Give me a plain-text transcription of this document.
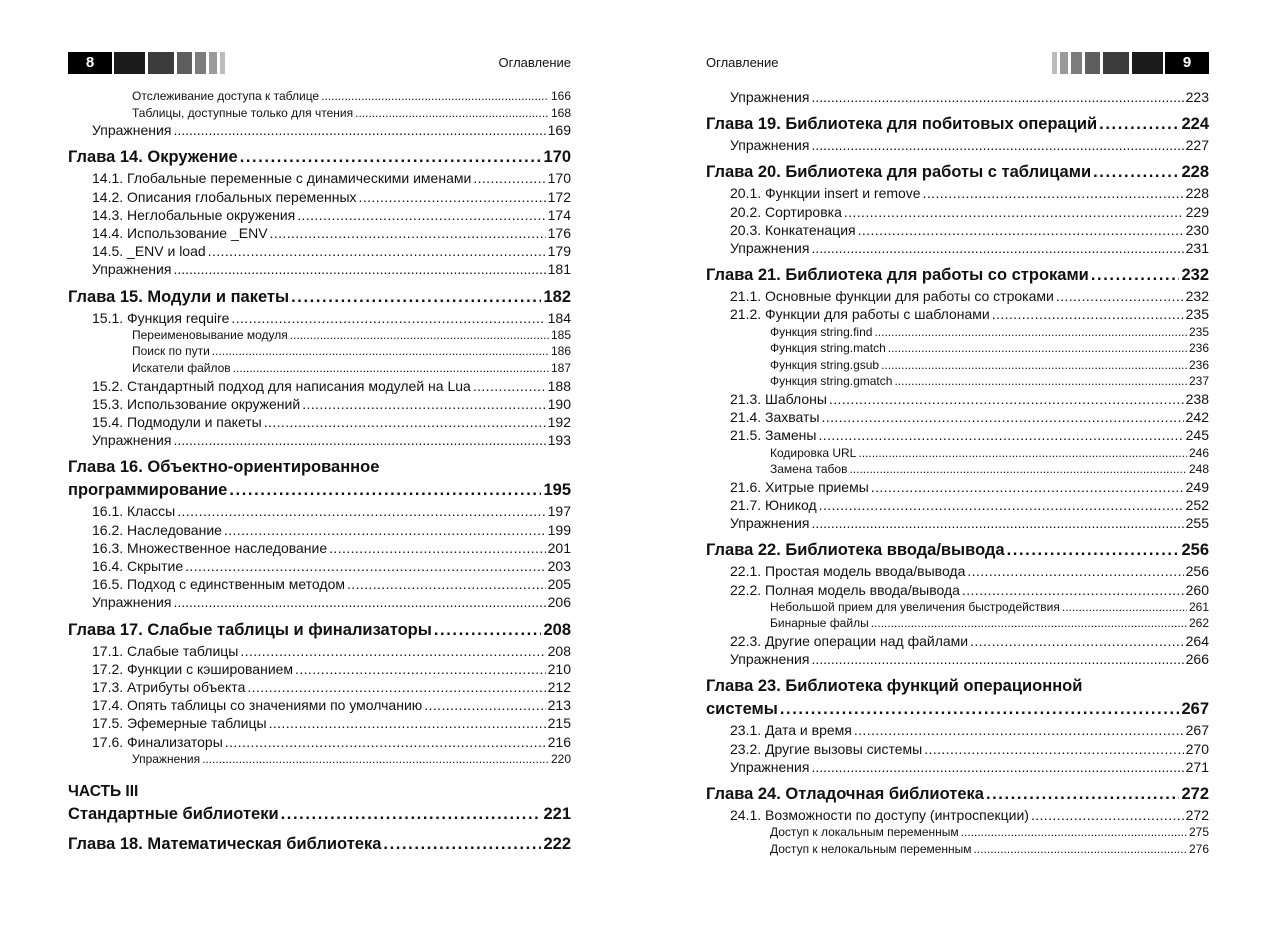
8	Оглавление
Отслеживание доступа к таблице .....	166
Таблицы, доступные только для чтения .....	168
Упражнения .....	169
Глава 14. Окружение .....	170
14.1. Глобальные переменные с динамическими именами .....	170
14.2. Описания глобальных переменных .....	172
14.3. Неглобальные окружения .....	174
14.4. Использование _ENV .....	176
14.5. _ENV и load .....	179
Упражнения .....	181
Глава 15. Модули и пакеты .....	182
15.1. Функция require .....	184
Переименовывание модуля .....	185
Поиск по пути .....	186
Искатели файлов .....	187
15.2. Стандартный подход для написания модулей на Lua .....	188
15.3. Использование окружений .....	190
15.4. Подмодули и пакеты .....	192
Упражнения .....	193
Глава 16. Объектно-ориентированное
программирование .....	195
16.1. Классы .....	197
16.2. Наследование .....	199
16.3. Множественное наследование .....	201
16.4. Скрытие .....	203
16.5. Подход с единственным методом .....	205
Упражнения .....	206
Глава 17. Слабые таблицы и финализаторы .....	208
17.1. Слабые таблицы .....	208
17.2. Функции с кэшированием .....	210
17.3. Атрибуты объекта .....	212
17.4. Опять таблицы со значениями по умолчанию .....	213
17.5. Эфемерные таблицы .....	215
17.6. Финализаторы .....	216
Упражнения .....	220
ЧАСТЬ III
Стандартные библиотеки .....	221
Глава 18. Математическая библиотека .....	222
9
Оглавление
Упражнения .....	223
Глава 19. Библиотека для побитовых операций .....	224
Упражнения .....	227
Глава 20. Библиотека для работы с таблицами .....	228
20.1. Функции insert и remove .....	228
20.2. Сортировка .....	229
20.3. Конкатенация .....	230
Упражнения .....	231
Глава 21. Библиотека для работы со строками .....	232
21.1. Основные функции для работы со строками .....	232
21.2. Функции для работы с шаблонами .....	235
Функция string.find .....	235
Функция string.match .....	236
Функция string.gsub .....	236
Функция string.gmatch .....	237
21.3. Шаблоны .....	238
21.4. Захваты .....	242
21.5. Замены .....	245
Кодировка URL .....	246
Замена табов .....	248
21.6. Хитрые приемы .....	249
21.7. Юникод .....	252
Упражнения .....	255
Глава 22. Библиотека ввода/вывода .....	256
22.1. Простая модель ввода/вывода .....	256
22.2. Полная модель ввода/вывода .....	260
Небольшой прием для увеличения быстродействия .....	261
Бинарные файлы .....	262
22.3. Другие операции над файлами .....	264
Упражнения .....	266
Глава 23. Библиотека функций операционной
системы .....	267
23.1. Дата и время .....	267
23.2. Другие вызовы системы .....	270
Упражнения .....	271
Глава 24. Отладочная библиотека .....	272
24.1. Возможности по доступу (интроспекции) .....	272
Доступ к локальным переменным .....	275
Доступ к нелокальным переменным .....	276
